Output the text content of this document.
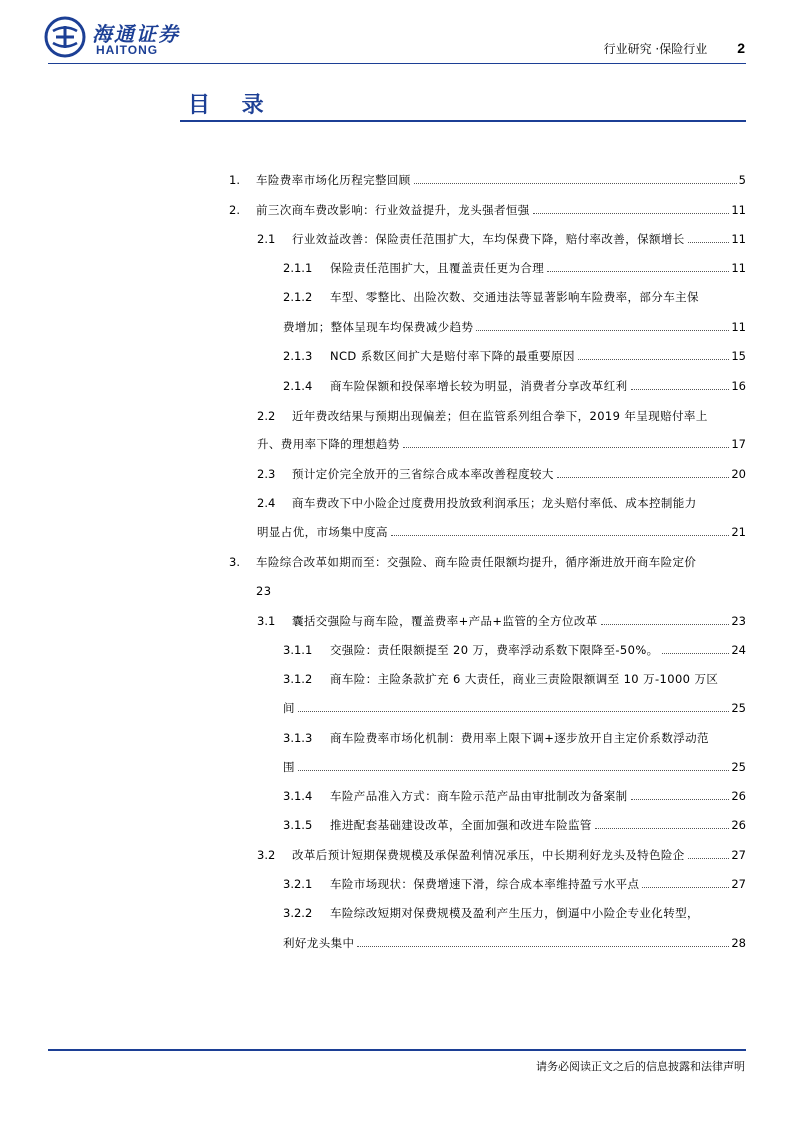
海通证券
HAITONG	行业研究 ·保险行业 2
目 录
1. 车险费率市场化历程完整回顾	5
2. 前三次商车费改影响：行业效益提升，龙头强者恒强	11
2.1 行业效益改善：保险责任范围扩大，车均保费下降，赔付率改善，保额增长	11
2.1.1 保险责任范围扩大，且覆盖责任更为合理	11
2.1.2 车型、零整比、出险次数、交通违法等显著影响车险费率，部分车主保
费增加；整体呈现车均保费减少趋势	11
2.1.3 NCD 系数区间扩大是赔付率下降的最重要原因	15
2.1.4 商车险保额和投保率增长较为明显，消费者分享改革红利	16
2.2 近年费改结果与预期出现偏差；但在监管系列组合拳下，2019 年呈现赔付率上
升、费用率下降的理想趋势	17
2.3 预计定价完全放开的三省综合成本率改善程度较大	20
2.4 商车费改下中小险企过度费用投放致利润承压；龙头赔付率低、成本控制能力
明显占优，市场集中度高	21
3. 车险综合改革如期而至：交强险、商车险责任限额均提升，循序渐进放开商车险定价
23
3.1 囊括交强险与商车险，覆盖费率+产品+监管的全方位改革	23
3.1.1 交强险：责任限额提至 20 万，费率浮动系数下限降至-50%。	24
3.1.2 商车险：主险条款扩充 6 大责任，商业三责险限额调至 10 万-1000 万区
间	25
3.1.3 商车险费率市场化机制：费用率上限下调+逐步放开自主定价系数浮动范
围	25
3.1.4 车险产品准入方式：商车险示范产品由审批制改为备案制	26
3.1.5 推进配套基础建设改革，全面加强和改进车险监管	26
3.2 改革后预计短期保费规模及承保盈利情况承压，中长期利好龙头及特色险企	27
3.2.1 车险市场现状：保费增速下滑，综合成本率维持盈亏水平点	27
3.2.2 车险综改短期对保费规模及盈利产生压力，倒逼中小险企专业化转型，
利好龙头集中	28
请务必阅读正文之后的信息披露和法律声明
